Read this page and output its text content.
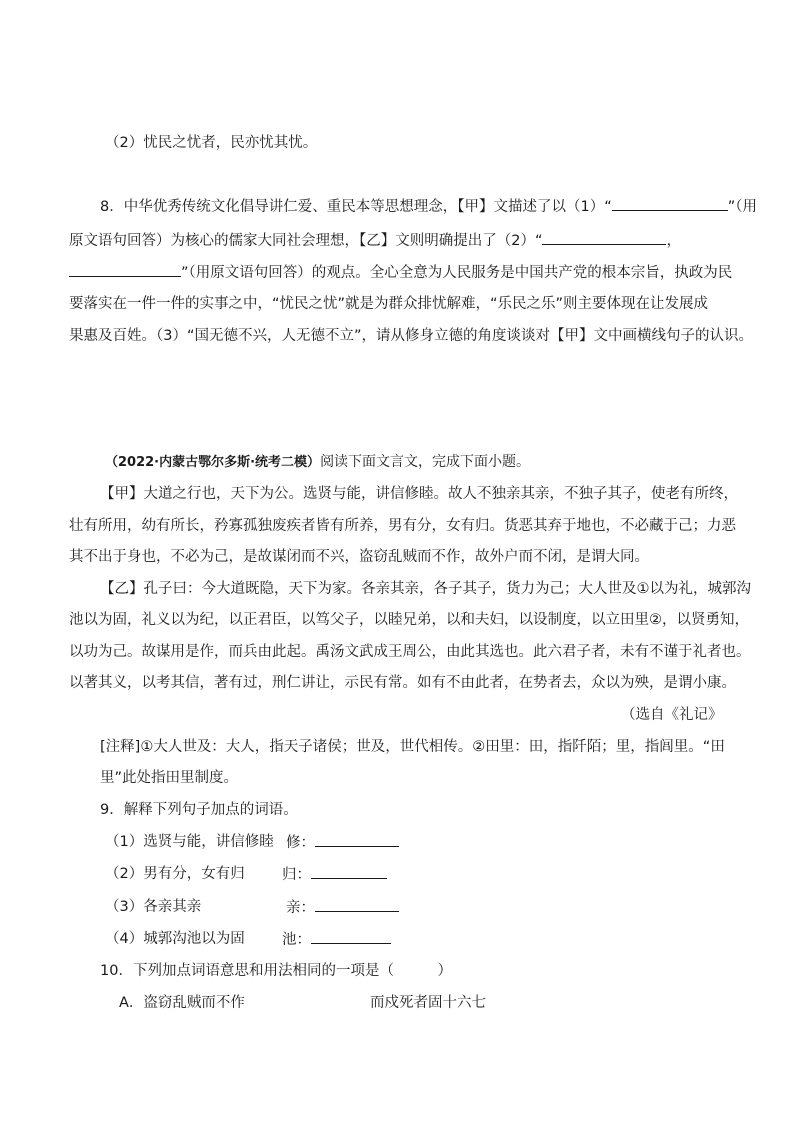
（2）忧民之忧者，民亦忧其忧。
8．中华优秀传统文化倡导讲仁爱、重民本等思想理念，【甲】文描述了以（1）“	”（用
原文语句回答）为核心的儒家大同社会理想，【乙】文则明确提出了（2）“	，
”（用原文语句回答）的观点。全心全意为人民服务是中国共产党的根本宗旨，执政为民
要落实在一件一件的实事之中，“忧民之忧”就是为群众排忧解难，“乐民之乐”则主要体现在让发展成
果惠及百姓。（3）“国无德不兴，人无德不立”，请从修身立德的角度谈谈对【甲】文中画横线句子的认识。
（2022·内蒙古鄂尔多斯·统考二模）阅读下面文言文，完成下面小题。
【甲】大道之行也，天下为公。选贤与能，讲信修睦。故人不独亲其亲，不独子其子，使老有所终，
壮有所用，幼有所长，矜寡孤独废疾者皆有所养，男有分，女有归。货恶其弃于地也，不必藏于己；力恶
其不出于身也，不必为己，是故谋闭而不兴，盗窃乱贼而不作，故外户而不闭，是谓大同。
【乙】孔子曰：今大道既隐，天下为家。各亲其亲，各子其子，货力为己；大人世及①以为礼，城郭沟
池以为固，礼义以为纪，以正君臣，以笃父子，以睦兄弟，以和夫妇，以设制度，以立田里②，以贤勇知，
以功为己。故谋用是作，而兵由此起。禹汤文武成王周公，由此其选也。此六君子者，未有不谨于礼者也。
以著其义，以考其信，著有过，刑仁讲让，示民有常。如有不由此者，在势者去，众以为殃，是谓小康。
（选自《礼记》
[注释]①大人世及：大人，指天子诸侯；世及，世代相传。②田里：田，指阡陌；里，指闾里。“田
里”此处指田里制度。
9．解释下列句子加点的词语。
（1）选贤与能，讲信修睦 修：
（2）男有分，女有归	归：
（3）各亲其亲	亲：
（4）城郭沟池以为固	池：
10．下列加点词语意思和用法相同的一项是（　　　）
A．盗窃乱贼而不作	而戍死者固十六七
